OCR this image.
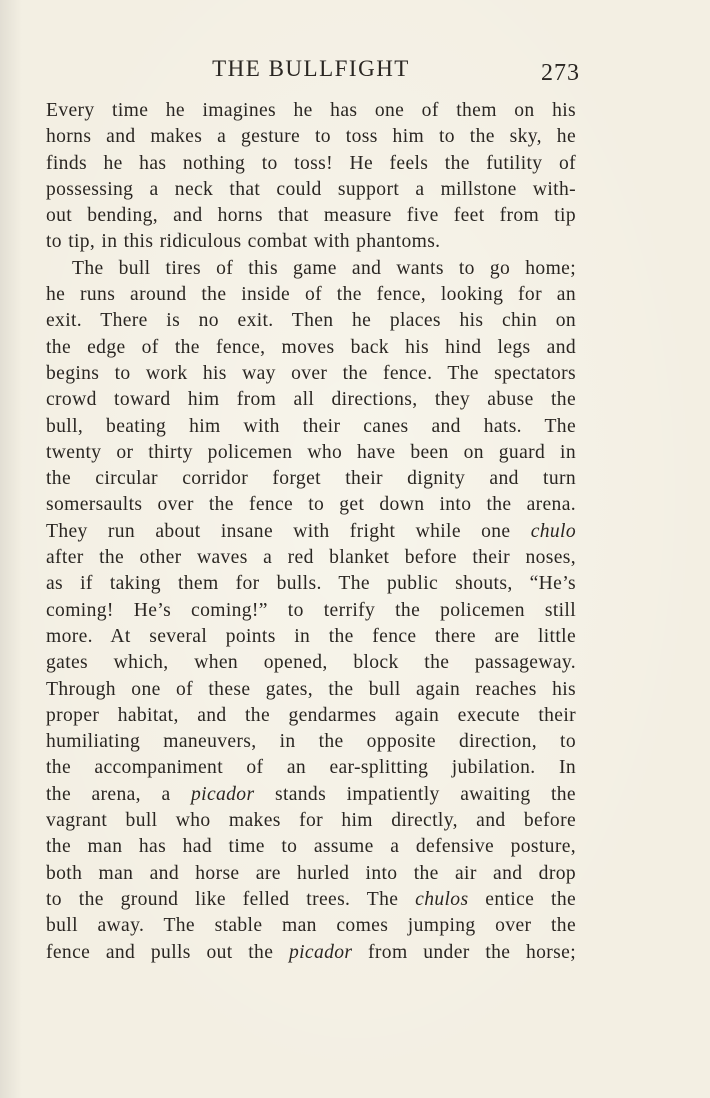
THE BULLFIGHT	273
Every time he imagines he has one of them on his
horns and makes a gesture to toss him to the sky, he
finds he has nothing to toss! He feels the futility of
possessing a neck that could support a millstone with-
out bending, and horns that measure five feet from tip
to tip, in this ridiculous combat with phantoms.
The bull tires of this game and wants to go home;
he runs around the inside of the fence, looking for an
exit. There is no exit. Then he places his chin on
the edge of the fence, moves back his hind legs and
begins to work his way over the fence. The spectators
crowd toward him from all directions, they abuse the
bull, beating him with their canes and hats. The
twenty or thirty policemen who have been on guard in
the circular corridor forget their dignity and turn
somersaults over the fence to get down into the arena.
They run about insane with fright while one chulo
after the other waves a red blanket before their noses,
as if taking them for bulls. The public shouts, “He’s
coming! He’s coming!” to terrify the policemen still
more. At several points in the fence there are little
gates which, when opened, block the passageway.
Through one of these gates, the bull again reaches his
proper habitat, and the gendarmes again execute their
humiliating maneuvers, in the opposite direction, to
the accompaniment of an ear-splitting jubilation. In
the arena, a picador stands impatiently awaiting the
vagrant bull who makes for him directly, and before
the man has had time to assume a defensive posture,
both man and horse are hurled into the air and drop
to the ground like felled trees. The chulos entice the
bull away. The stable man comes jumping over the
fence and pulls out the picador from under the horse;
